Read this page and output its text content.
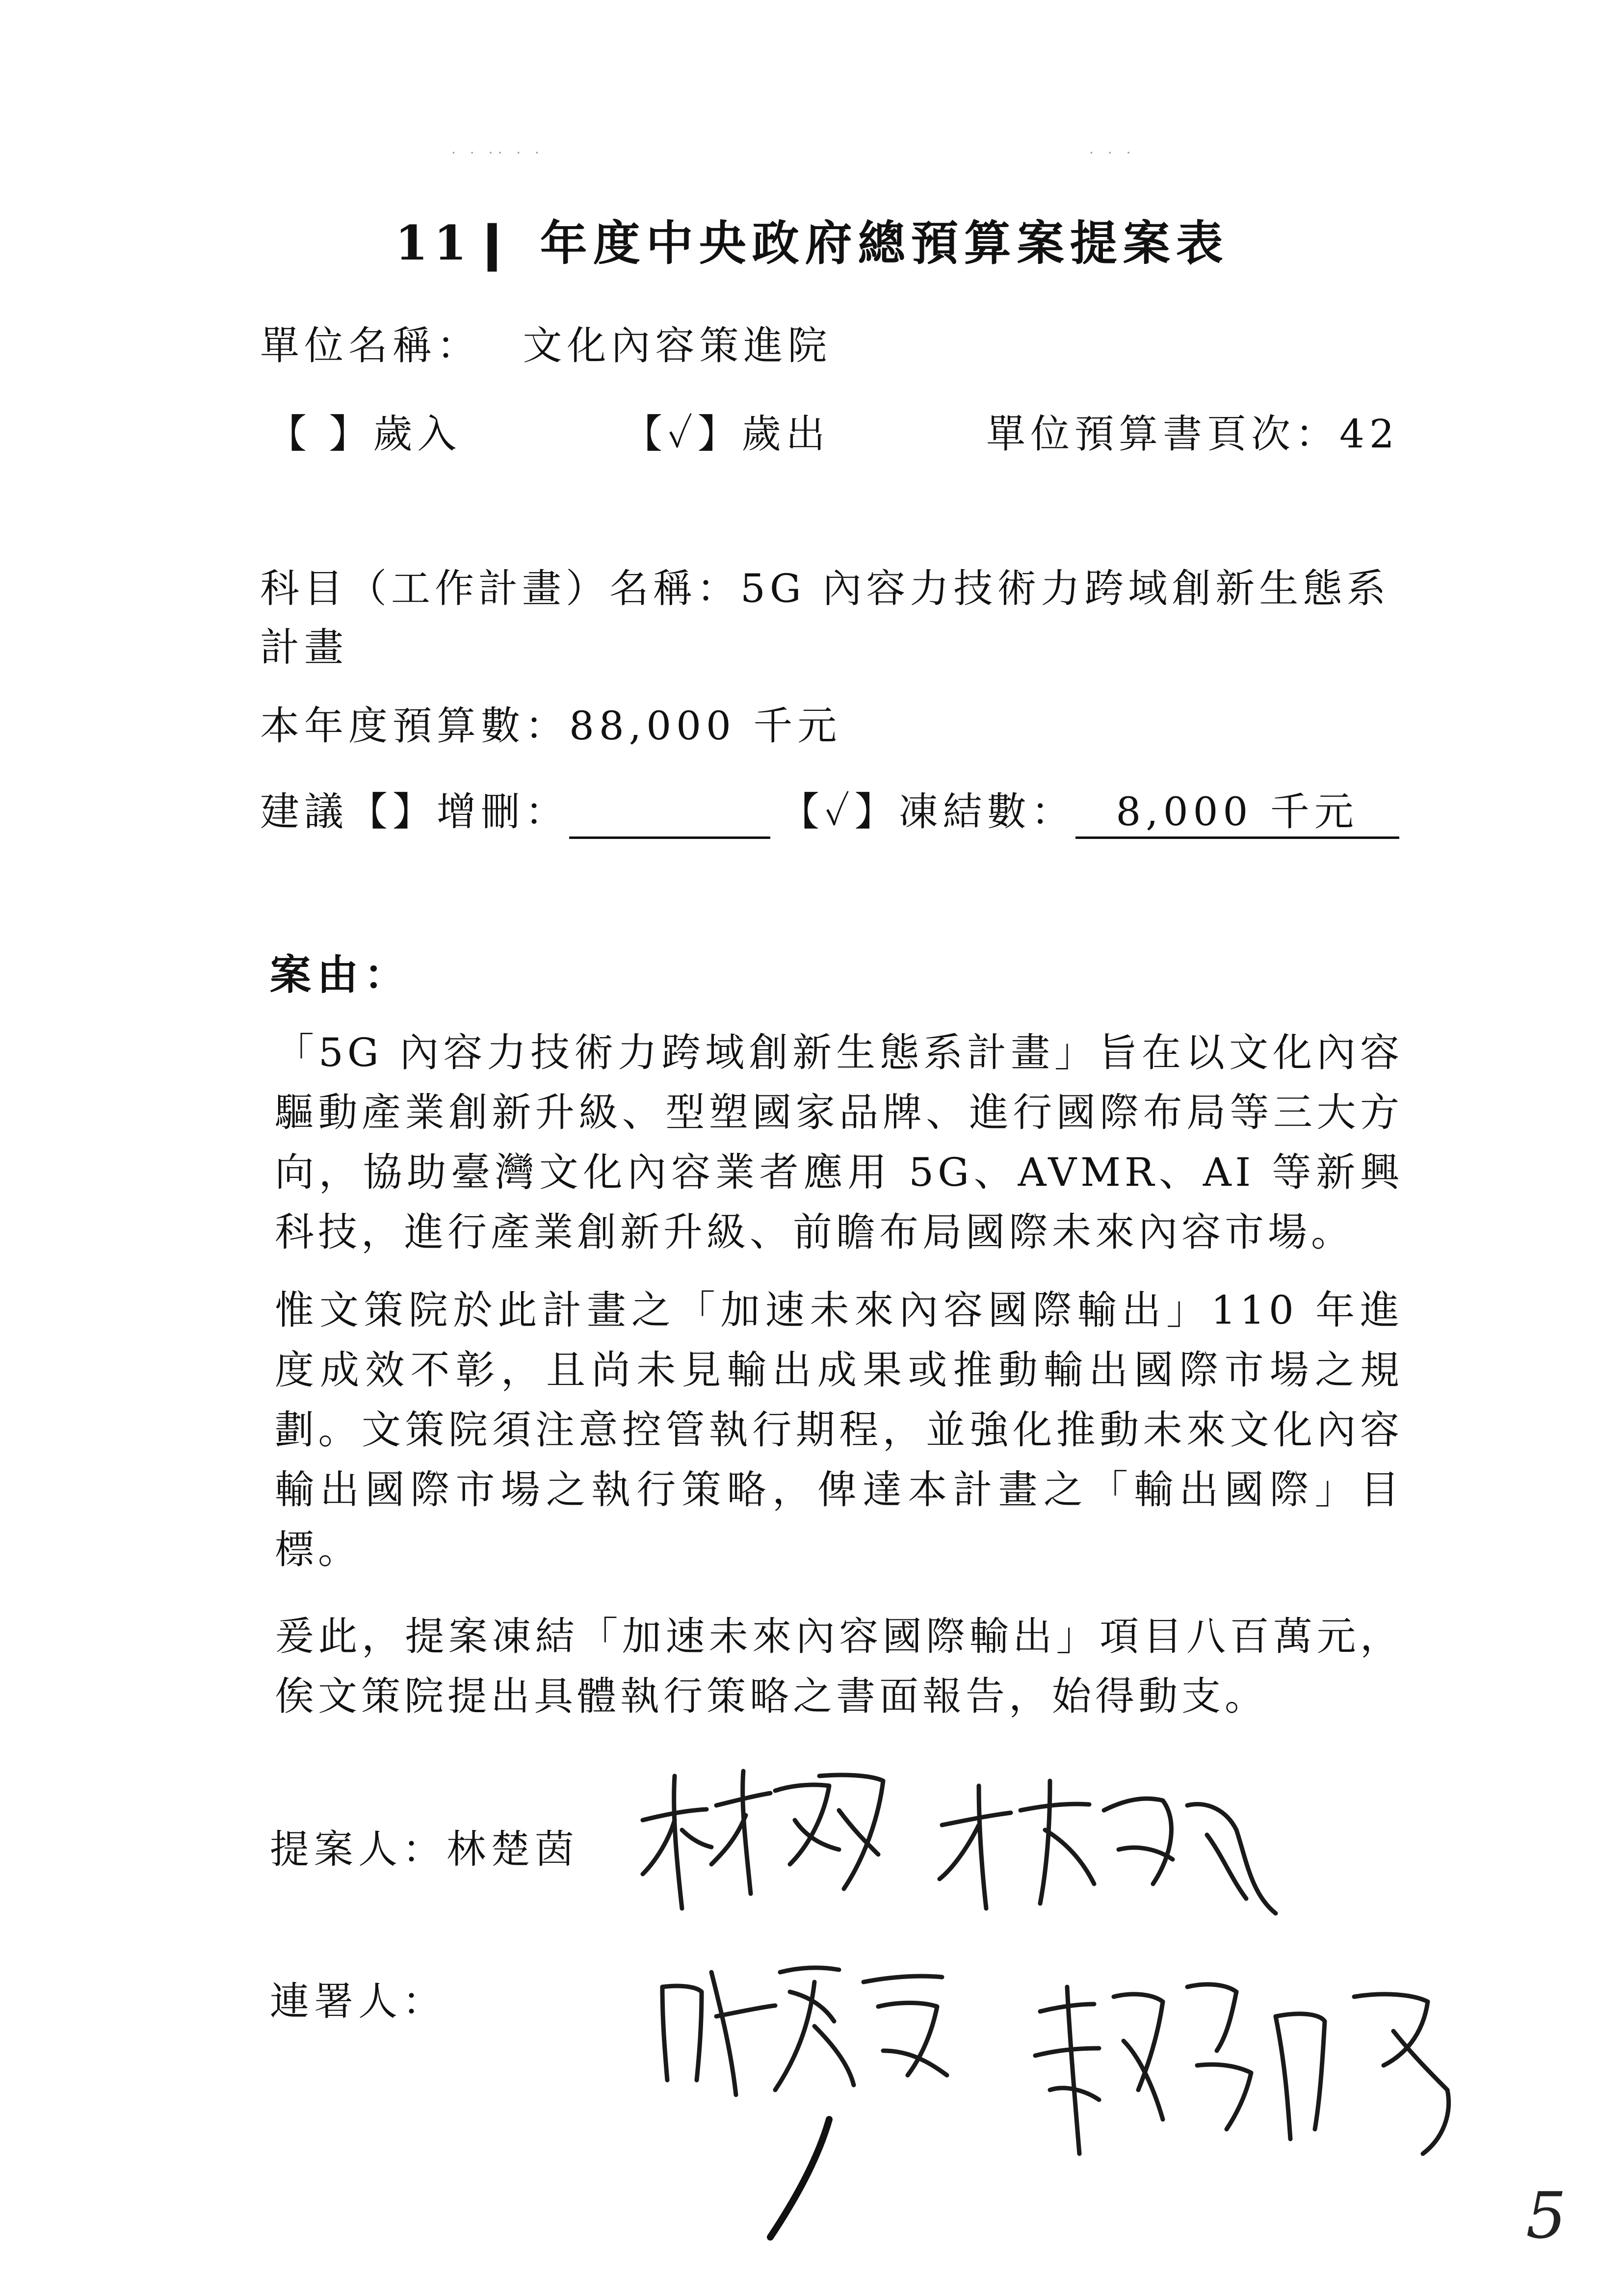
· · ·· · ·	· · ·
11❙ 年度中央政府總預算案提案表
單位名稱： 文化內容策進院
【 】歲入	【✓】歲出	單位預算書頁次：42
科目（工作計畫）名稱：5G 內容力技術力跨域創新生態系
計畫
本年度預算數：88,000 千元
建議【】增刪：	【✓】凍結數： 8,000 千元
案由：

「5G 內容力技術力跨域創新生態系計畫」旨在以文化內容驅動產業創新升級、型塑國家品牌、進行國際布局等三大方向，協助臺灣文化內容業者應用 5G、AVMR、AI 等新興科技，進行產業創新升級、前瞻布局國際未來內容市場。

惟文策院於此計畫之「加速未來內容國際輸出」110 年進度成效不彰，且尚未見輸出成果或推動輸出國際市場之規劃。文策院須注意控管執行期程，並強化推動未來文化內容輸出國際市場之執行策略，俾達本計畫之「輸出國際」目標。

爰此，提案凍結「加速未來內容國際輸出」項目八百萬元，俟文策院提出具體執行策略之書面報告，始得動支。

提案人：林楚茵
連署人：
5
